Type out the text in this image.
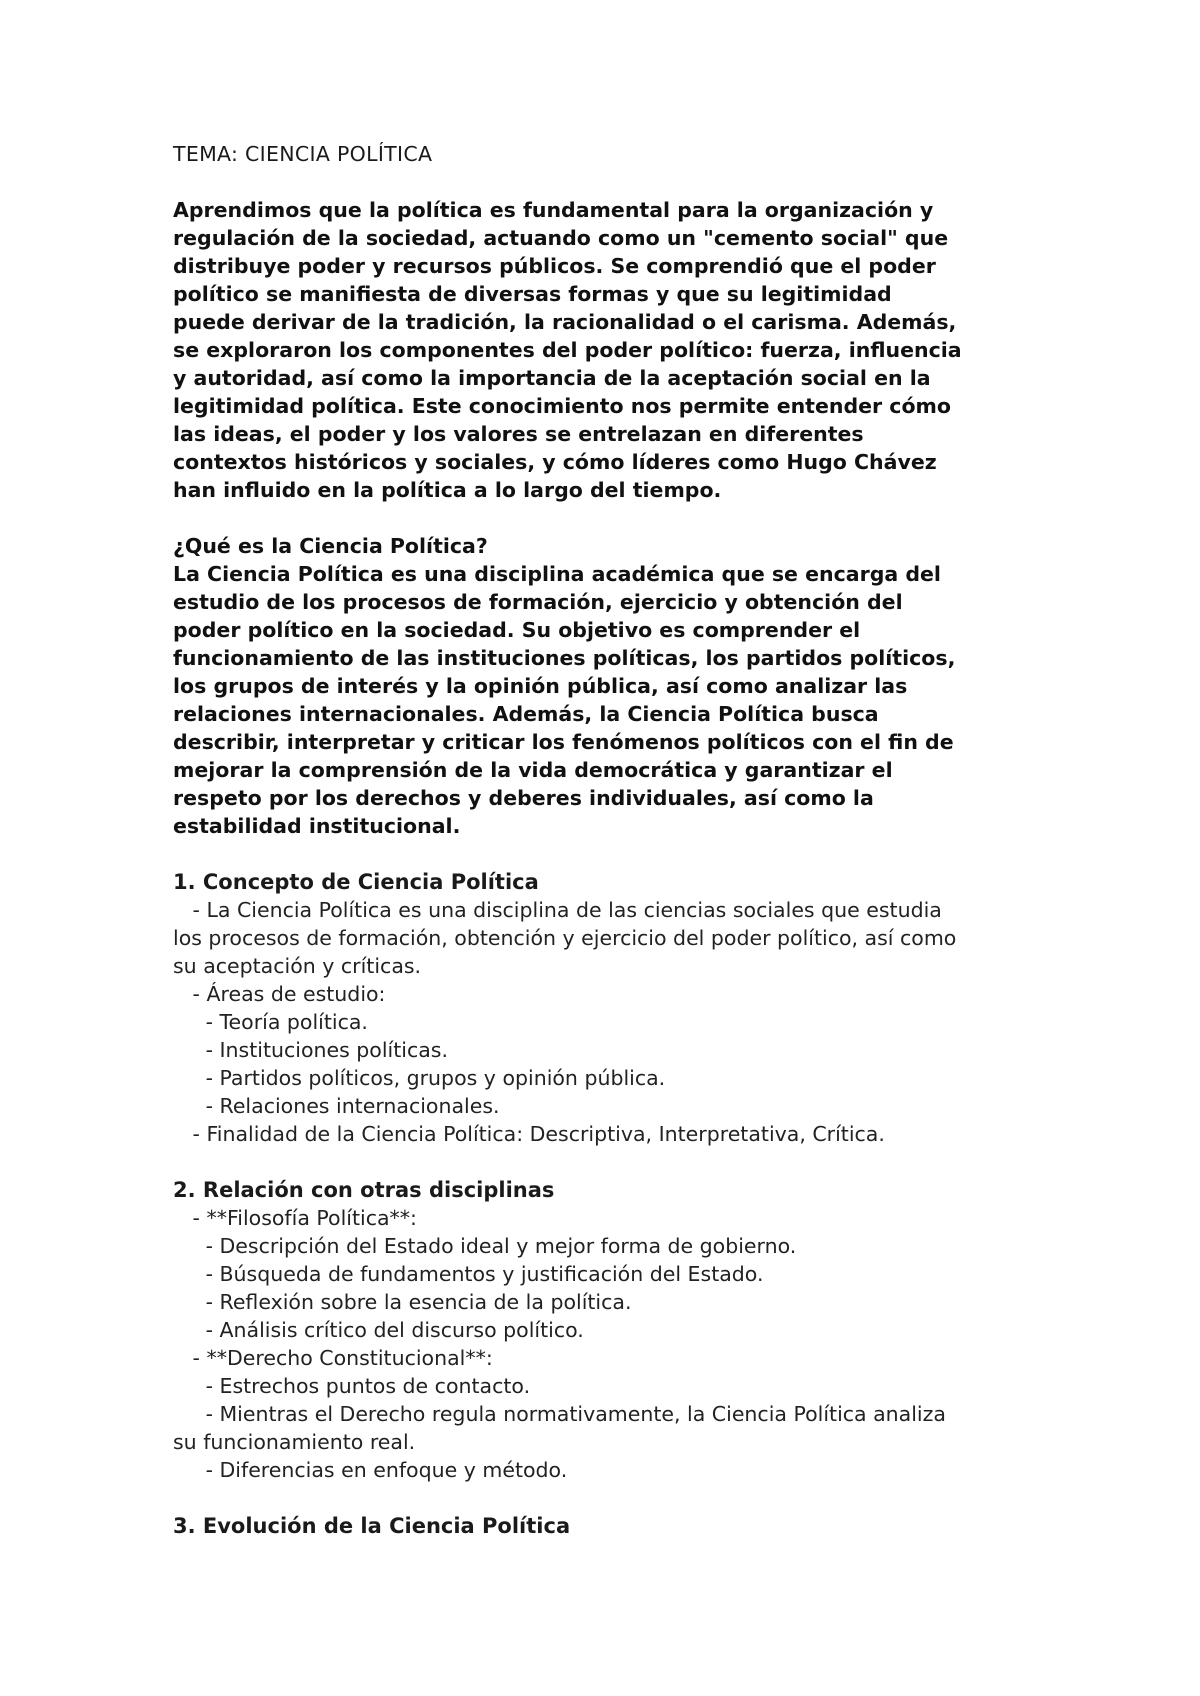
TEMA: CIENCIA POLÍTICA
Aprendimos que la política es fundamental para la organización y
regulación de la sociedad, actuando como un "cemento social" que
distribuye poder y recursos públicos. Se comprendió que el poder
político se manifiesta de diversas formas y que su legitimidad
puede derivar de la tradición, la racionalidad o el carisma. Además,
se exploraron los componentes del poder político: fuerza, influencia
y autoridad, así como la importancia de la aceptación social en la
legitimidad política. Este conocimiento nos permite entender cómo
las ideas, el poder y los valores se entrelazan en diferentes
contextos históricos y sociales, y cómo líderes como Hugo Chávez
han influido en la política a lo largo del tiempo.
¿Qué es la Ciencia Política?
La Ciencia Política es una disciplina académica que se encarga del
estudio de los procesos de formación, ejercicio y obtención del
poder político en la sociedad. Su objetivo es comprender el
funcionamiento de las instituciones políticas, los partidos políticos,
los grupos de interés y la opinión pública, así como analizar las
relaciones internacionales. Además, la Ciencia Política busca
describir, interpretar y criticar los fenómenos políticos con el fin de
mejorar la comprensión de la vida democrática y garantizar el
respeto por los derechos y deberes individuales, así como la
estabilidad institucional.
1. Concepto de Ciencia Política
- La Ciencia Política es una disciplina de las ciencias sociales que estudia
los procesos de formación, obtención y ejercicio del poder político, así como
su aceptación y críticas.
- Áreas de estudio:
- Teoría política.
- Instituciones políticas.
- Partidos políticos, grupos y opinión pública.
- Relaciones internacionales.
- Finalidad de la Ciencia Política: Descriptiva, Interpretativa, Crítica.
2. Relación con otras disciplinas
- **Filosofía Política**:
- Descripción del Estado ideal y mejor forma de gobierno.
- Búsqueda de fundamentos y justificación del Estado.
- Reflexión sobre la esencia de la política.
- Análisis crítico del discurso político.
- **Derecho Constitucional**:
- Estrechos puntos de contacto.
- Mientras el Derecho regula normativamente, la Ciencia Política analiza
su funcionamiento real.
- Diferencias en enfoque y método.
3. Evolución de la Ciencia Política
